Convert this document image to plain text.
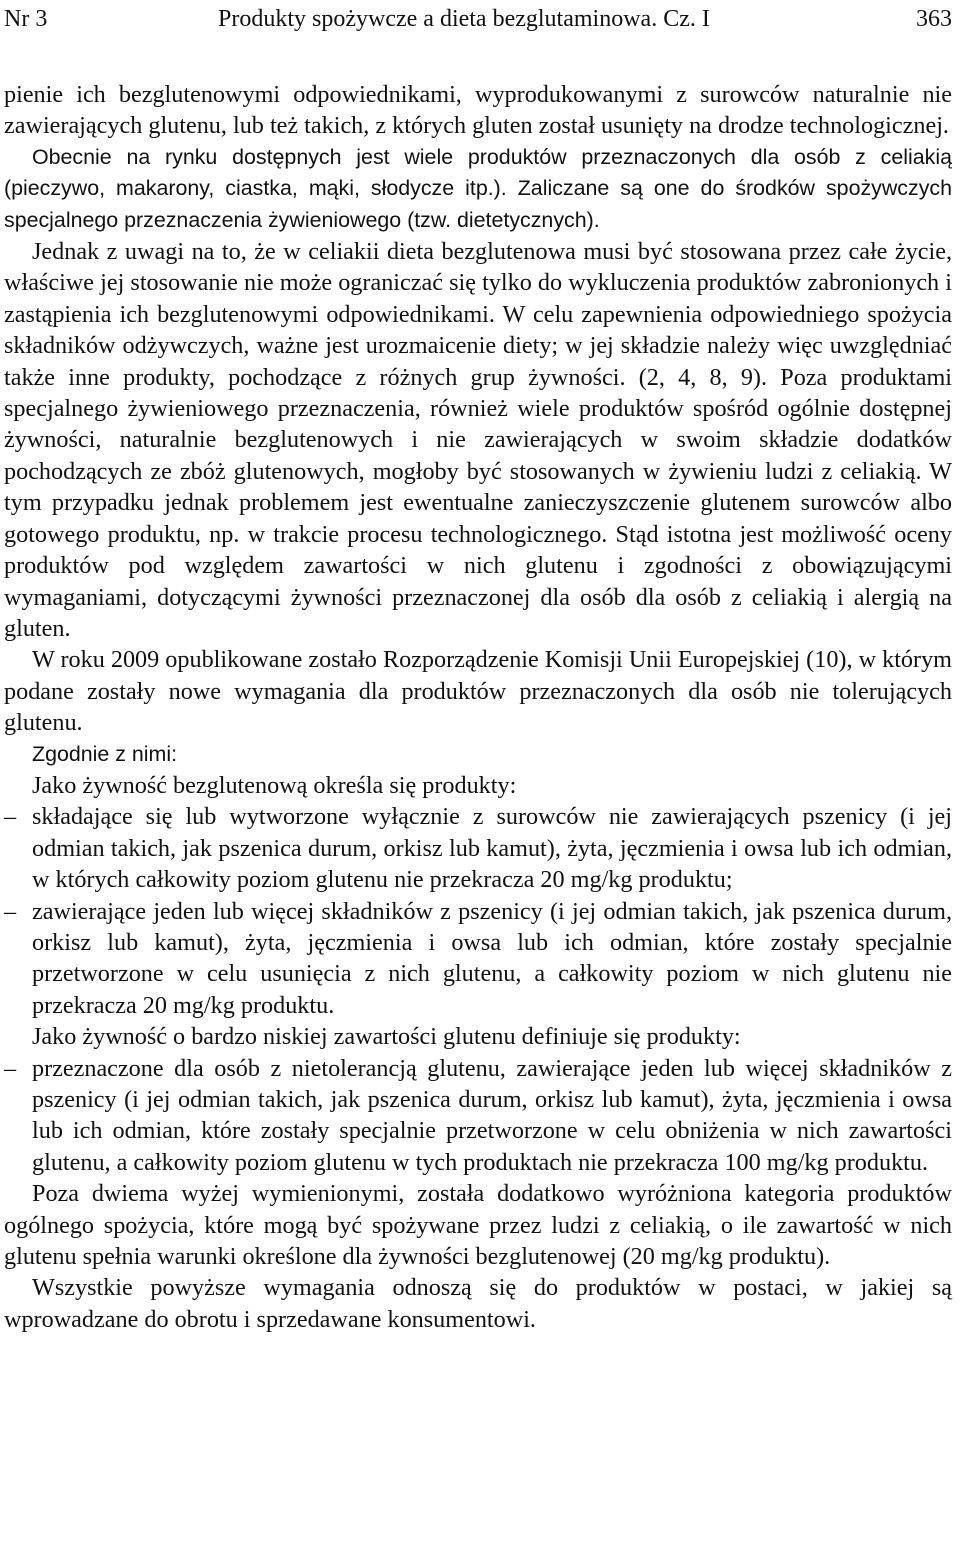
Nr 3	Produkty spożywcze a dieta bezglutaminowa. Cz. I	363

pienie ich bezglutenowymi odpowiednikami, wyprodukowanymi z surowców naturalnie nie zawierających glutenu, lub też takich, z których gluten został usunięty na drodze technologicznej.

Obecnie na rynku dostępnych jest wiele produktów przeznaczonych dla osób z celiakią (pieczywo, makarony, ciastka, mąki, słodycze itp.). Zaliczane są one do środków spożywczych specjalnego przeznaczenia żywieniowego (tzw. dietetycznych).

Jednak z uwagi na to, że w celiakii dieta bezglutenowa musi być stosowana przez całe życie, właściwe jej stosowanie nie może ograniczać się tylko do wykluczenia produktów zabronionych i zastąpienia ich bezglutenowymi odpowiednikami. W celu zapewnienia odpowiedniego spożycia składników odżywczych, ważne jest urozmaicenie diety; w jej składzie należy więc uwzględniać także inne produkty, pochodzące z różnych grup żywności. (2, 4, 8, 9). Poza produktami specjalnego żywieniowego przeznaczenia, również wiele produktów spośród ogólnie dostępnej żywności, naturalnie bezglutenowych i nie zawierających w swoim składzie dodatków pochodzących ze zbóż glutenowych, mogłoby być stosowanych w żywieniu ludzi z celiakią. W tym przypadku jednak problemem jest ewentualne zanieczyszczenie glutenem surowców albo gotowego produktu, np. w trakcie procesu technologicznego. Stąd istotna jest możliwość oceny produktów pod względem zawartości w nich glutenu i zgodności z obowiązującymi wymaganiami, dotyczącymi żywności przeznaczonej dla osób dla osób z celiakią i alergią na gluten.

W roku 2009 opublikowane zostało Rozporządzenie Komisji Unii Europejskiej (10), w którym podane zostały nowe wymagania dla produktów przeznaczonych dla osób nie tolerujących glutenu.

Zgodnie z nimi:

Jako żywność bezglutenową określa się produkty:

– składające się lub wytworzone wyłącznie z surowców nie zawierających pszenicy (i jej odmian takich, jak pszenica durum, orkisz lub kamut), żyta, jęczmienia i owsa lub ich odmian, w których całkowity poziom glutenu nie przekracza 20 mg/kg produktu;

– zawierające jeden lub więcej składników z pszenicy (i jej odmian takich, jak pszenica durum, orkisz lub kamut), żyta, jęczmienia i owsa lub ich odmian, które zostały specjalnie przetworzone w celu usunięcia z nich glutenu, a całkowity poziom w nich glutenu nie przekracza 20 mg/kg produktu.

Jako żywność o bardzo niskiej zawartości glutenu definiuje się produkty:

– przeznaczone dla osób z nietolerancją glutenu, zawierające jeden lub więcej składników z pszenicy (i jej odmian takich, jak pszenica durum, orkisz lub kamut), żyta, jęczmienia i owsa lub ich odmian, które zostały specjalnie przetworzone w celu obniżenia w nich zawartości glutenu, a całkowity poziom glutenu w tych produktach nie przekracza 100 mg/kg produktu.

Poza dwiema wyżej wymienionymi, została dodatkowo wyróżniona kategoria produktów ogólnego spożycia, które mogą być spożywane przez ludzi z celiakią, o ile zawartość w nich glutenu spełnia warunki określone dla żywności bezglutenowej (20 mg/kg produktu).

Wszystkie powyższe wymagania odnoszą się do produktów w postaci, w jakiej są wprowadzane do obrotu i sprzedawane konsumentowi.
